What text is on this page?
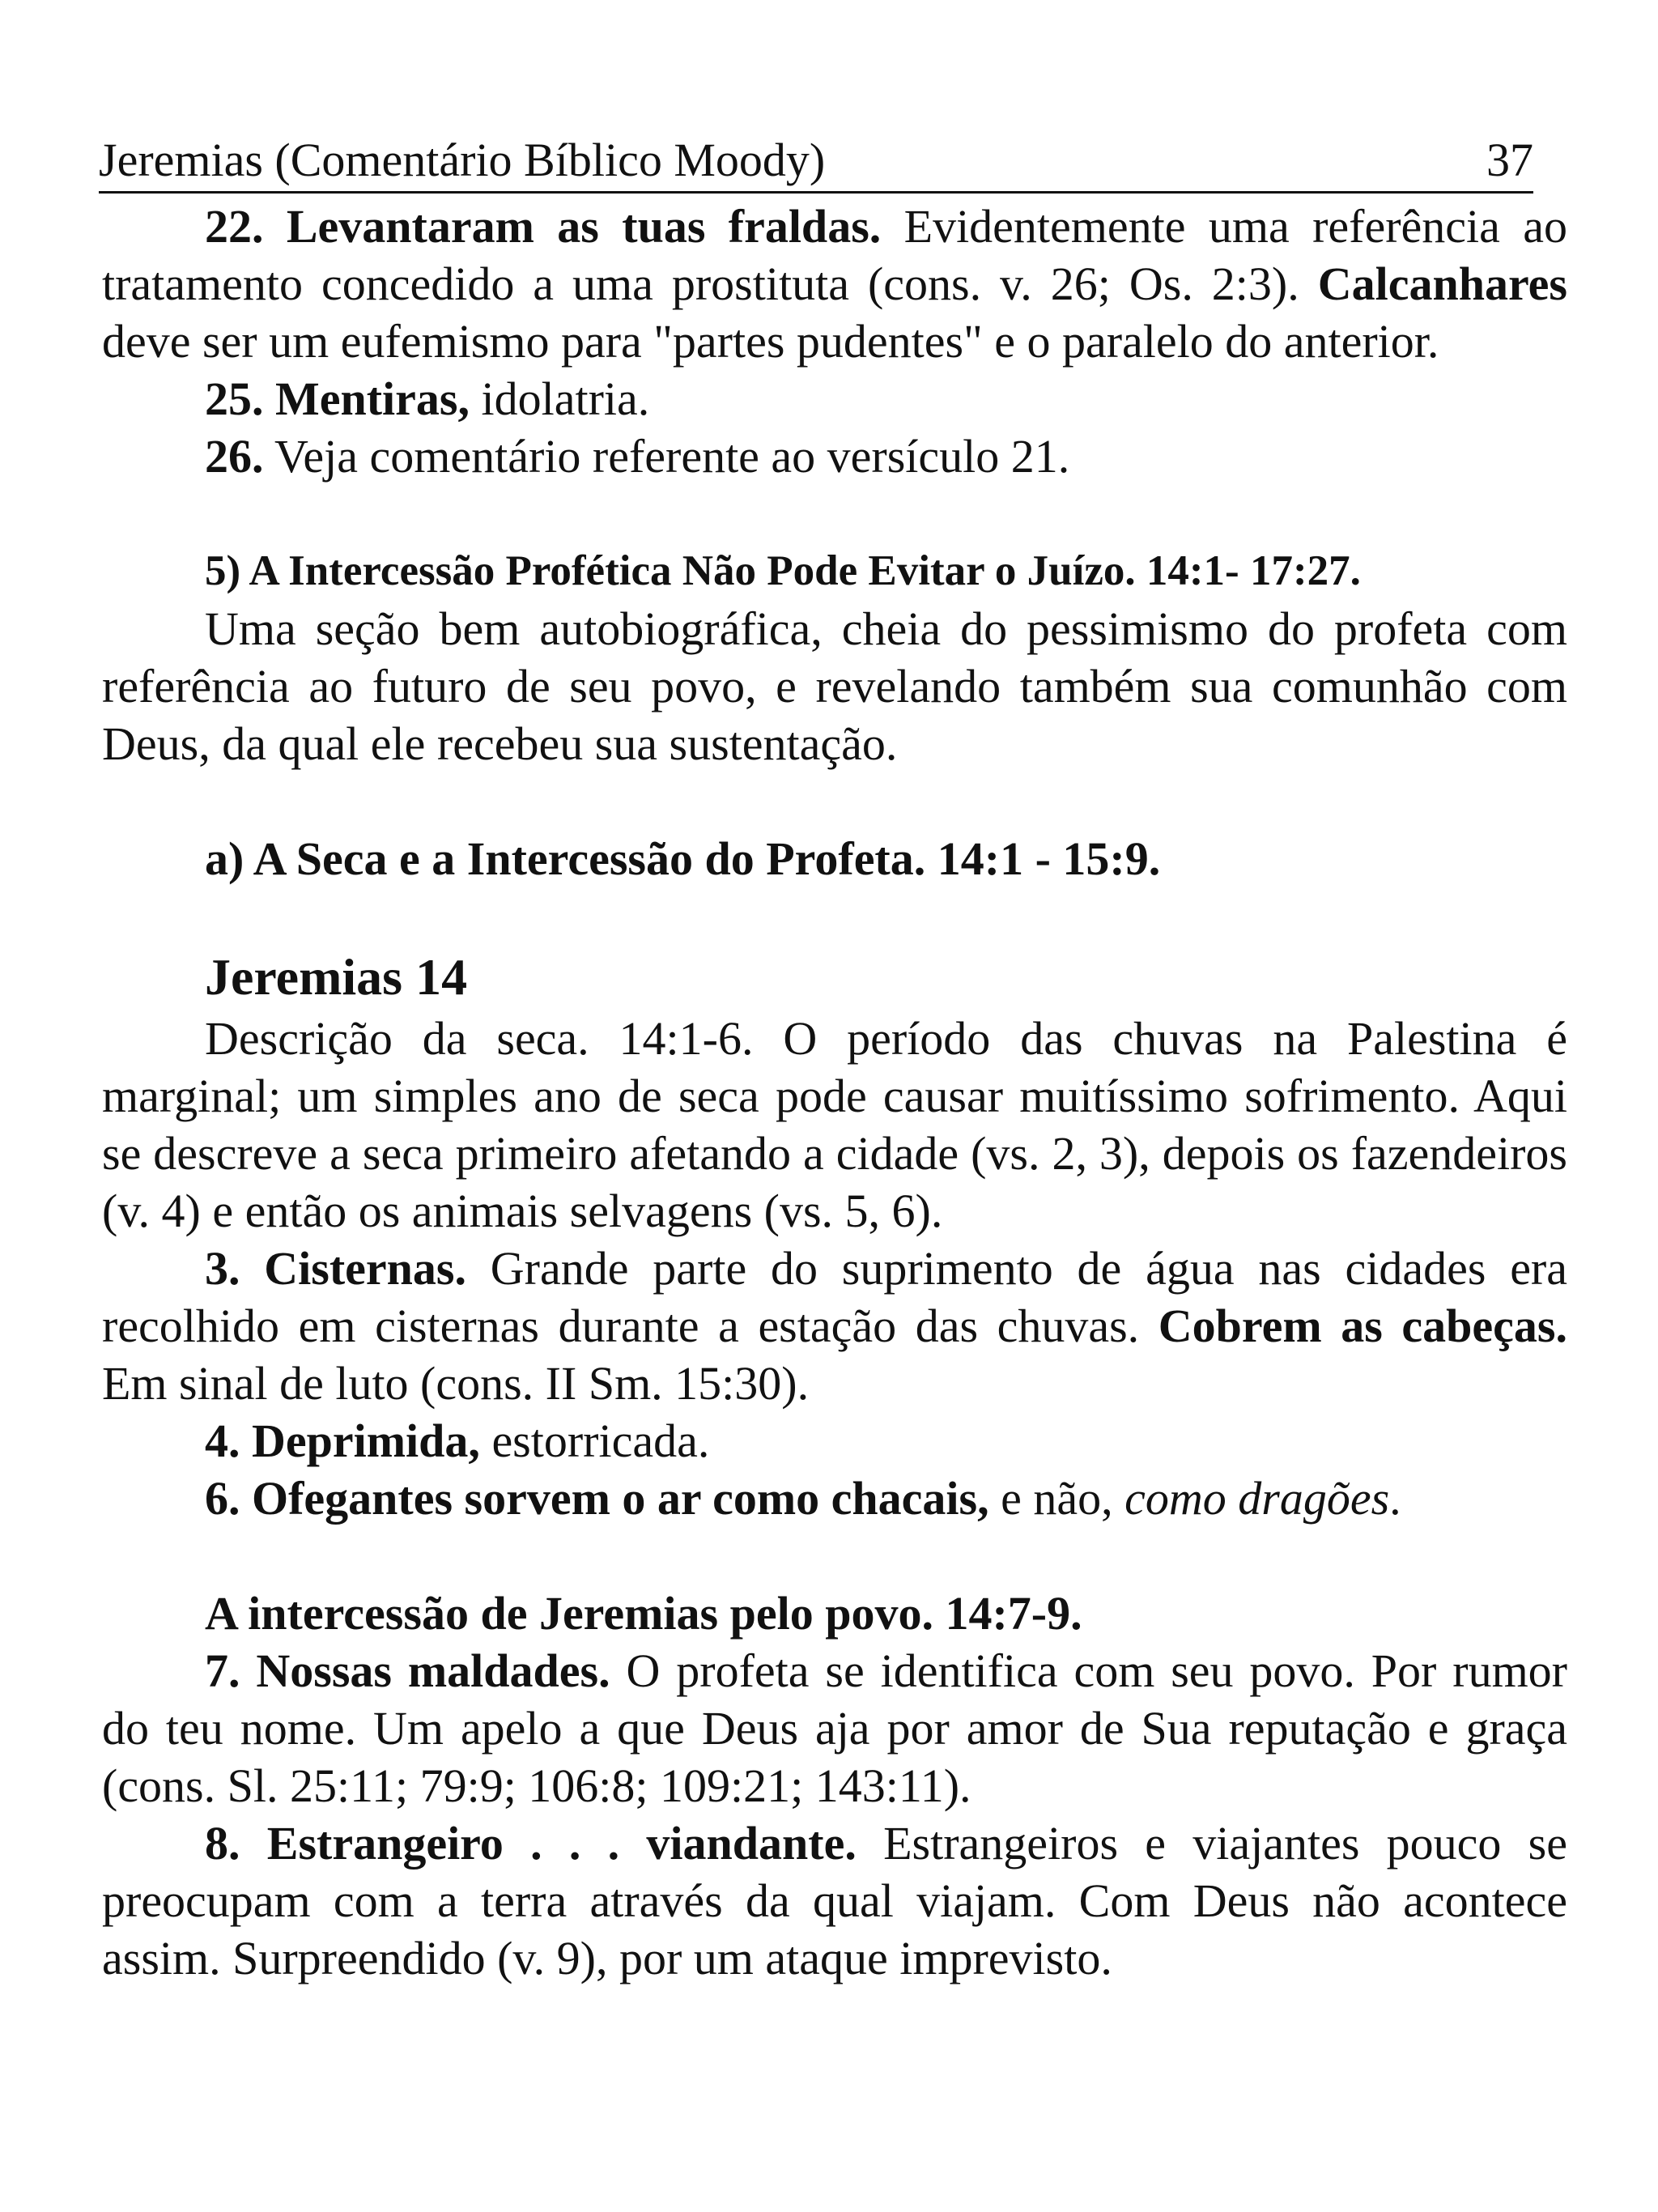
Jeremias (Comentário Bíblico Moody)	37

22. Levantaram as tuas fraldas. Evidentemente uma referência ao tratamento concedido a uma prostituta (cons. v. 26; Os. 2:3). Calcanhares deve ser um eufemismo para "partes pudentes" e o paralelo do anterior.

25. Mentiras, idolatria.

26. Veja comentário referente ao versículo 21.

5) A Intercessão Profética Não Pode Evitar o Juízo. 14:1- 17:27.

Uma seção bem autobiográfica, cheia do pessimismo do profeta com referência ao futuro de seu povo, e revelando também sua comunhão com Deus, da qual ele recebeu sua sustentação.

a) A Seca e a Intercessão do Profeta. 14:1 - 15:9.

Jeremias 14

Descrição da seca. 14:1-6. O período das chuvas na Palestina é marginal; um simples ano de seca pode causar muitíssimo sofrimento. Aqui se descreve a seca primeiro afetando a cidade (vs. 2, 3), depois os fazendeiros (v. 4) e então os animais selvagens (vs. 5, 6).

3. Cisternas. Grande parte do suprimento de água nas cidades era recolhido em cisternas durante a estação das chuvas. Cobrem as cabeças. Em sinal de luto (cons. II Sm. 15:30).

4. Deprimida, estorricada.

6. Ofegantes sorvem o ar como chacais, e não, como dragões.

A intercessão de Jeremias pelo povo. 14:7-9.

7. Nossas maldades. O profeta se identifica com seu povo. Por rumor do teu nome. Um apelo a que Deus aja por amor de Sua reputação e graça (cons. Sl. 25:11; 79:9; 106:8; 109:21; 143:11).

8. Estrangeiro . . . viandante. Estrangeiros e viajantes pouco se preocupam com a terra através da qual viajam. Com Deus não acontece assim. Surpreendido (v. 9), por um ataque imprevisto.
